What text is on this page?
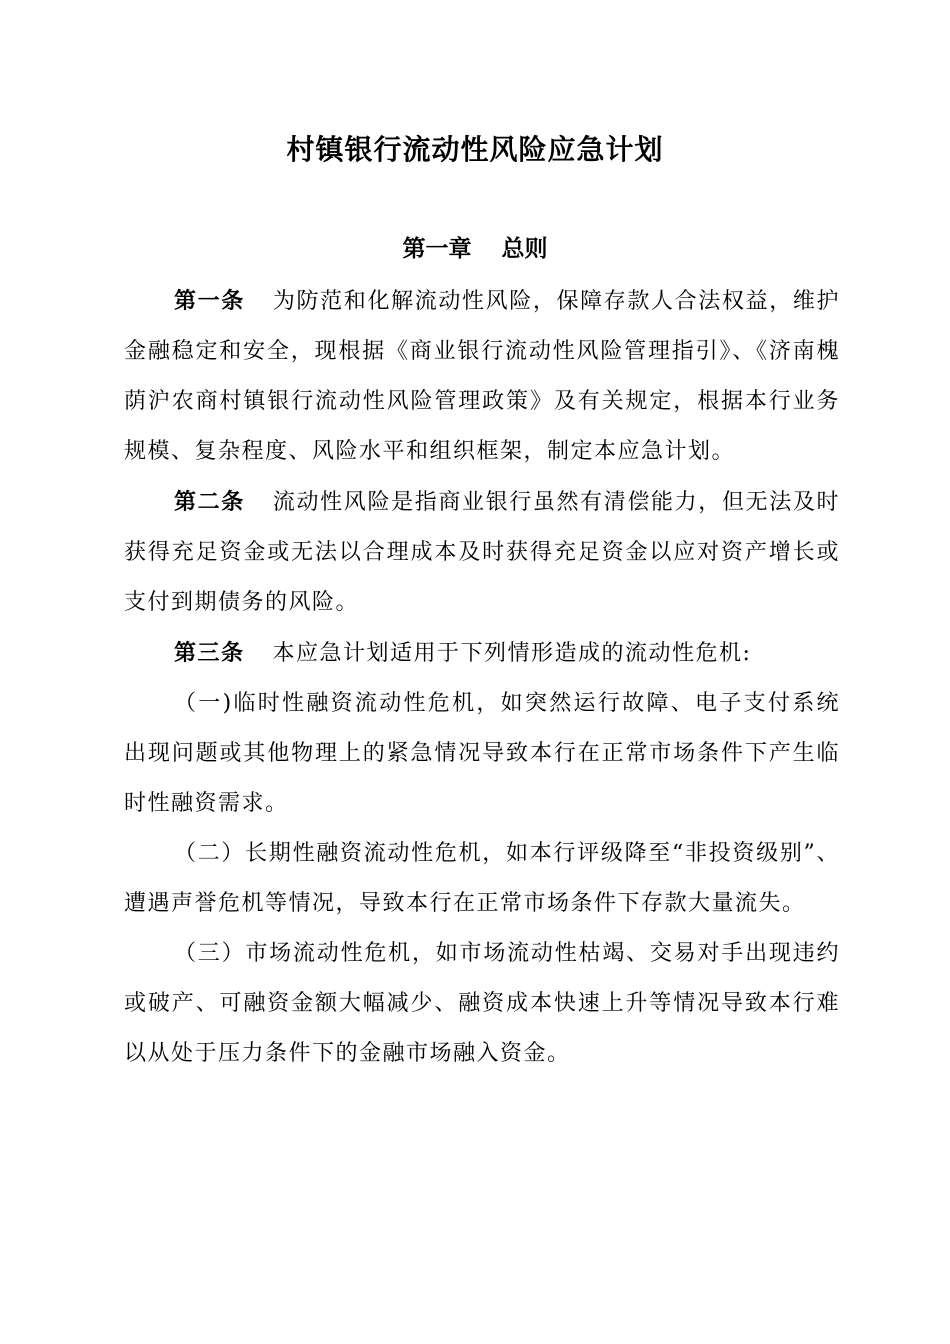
村镇银行流动性风险应急计划
第一章 总则

第一条 为防范和化解流动性风险，保障存款人合法权益，维护金融稳定和安全，现根据《商业银行流动性风险管理指引》、《济南槐荫沪农商村镇银行流动性风险管理政策》及有关规定，根据本行业务规模、复杂程度、风险水平和组织框架，制定本应急计划。

第二条 流动性风险是指商业银行虽然有清偿能力，但无法及时获得充足资金或无法以合理成本及时获得充足资金以应对资产增长或支付到期债务的风险。

第三条 本应急计划适用于下列情形造成的流动性危机:

（一)临时性融资流动性危机，如突然运行故障、电子支付系统出现问题或其他物理上的紧急情况导致本行在正常市场条件下产生临时性融资需求。

（二）长期性融资流动性危机，如本行评级降至“非投资级别”、遭遇声誉危机等情况，导致本行在正常市场条件下存款大量流失。

（三）市场流动性危机，如市场流动性枯竭、交易对手出现违约或破产、可融资金额大幅减少、融资成本快速上升等情况导致本行难以从处于压力条件下的金融市场融入资金。
